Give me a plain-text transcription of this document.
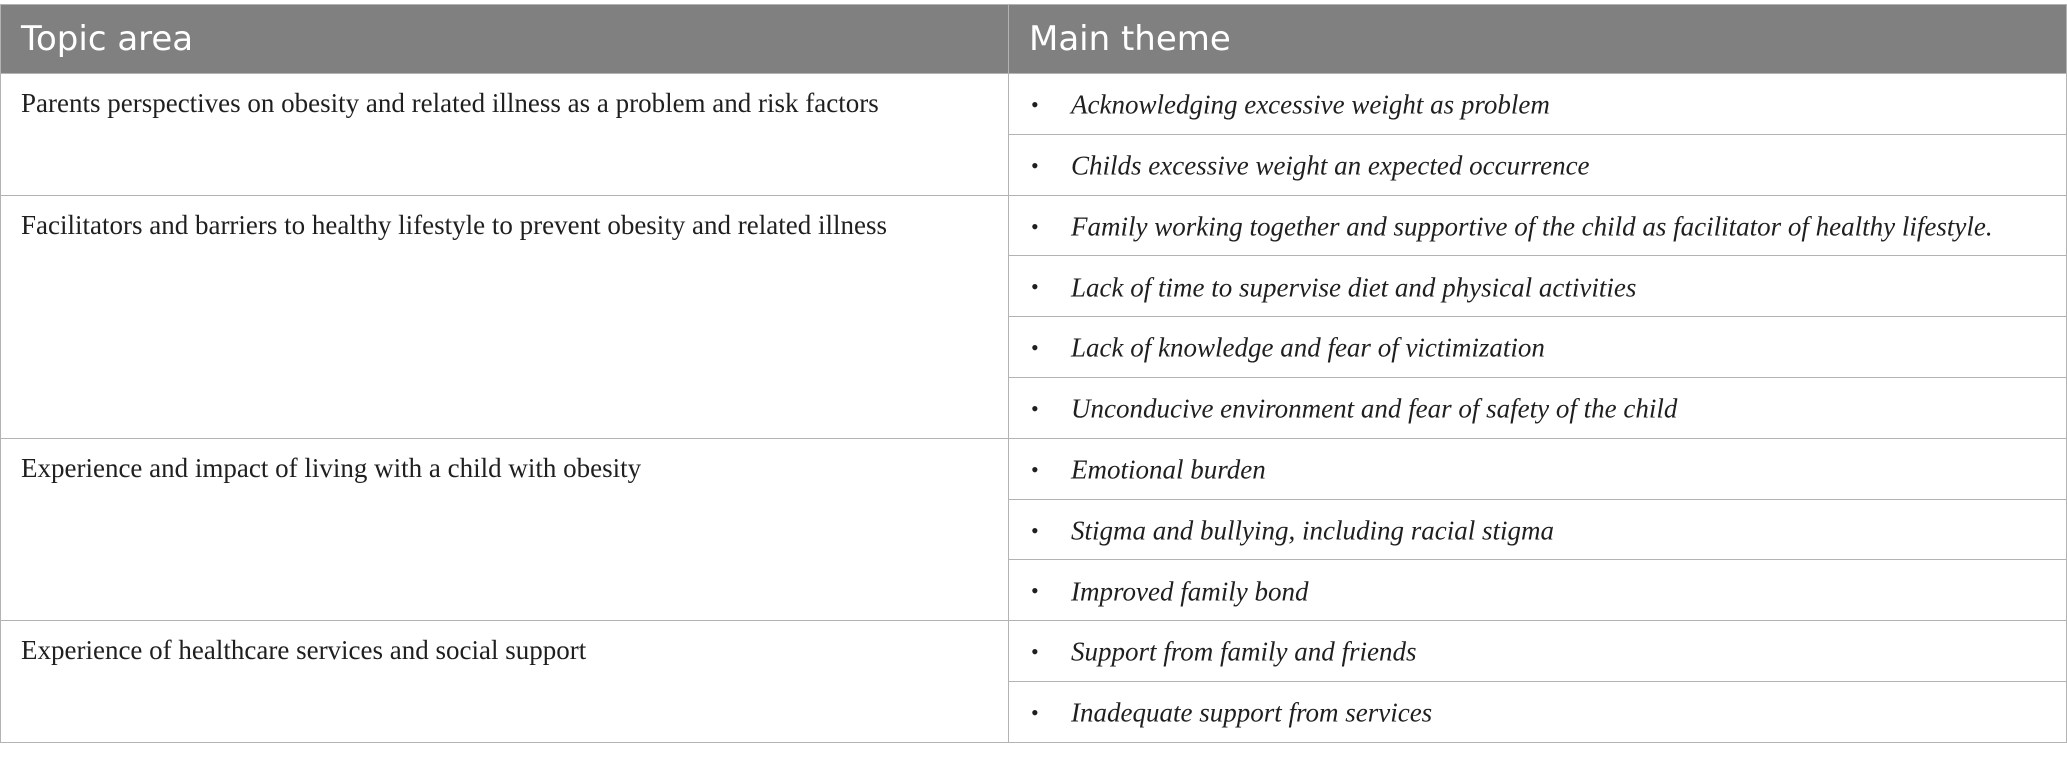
Topic area	Main theme
Parents perspectives on obesity and related illness as a problem and risk factors	• Acknowledging excessive weight as problem
	• Childs excessive weight an expected occurrence
Facilitators and barriers to healthy lifestyle to prevent obesity and related illness	• Family working together and supportive of the child as facilitator of healthy lifestyle.
	• Lack of time to supervise diet and physical activities
	• Lack of knowledge and fear of victimization
	• Unconducive environment and fear of safety of the child
Experience and impact of living with a child with obesity	• Emotional burden
	• Stigma and bullying, including racial stigma
	• Improved family bond
Experience of healthcare services and social support	• Support from family and friends
	• Inadequate support from services
